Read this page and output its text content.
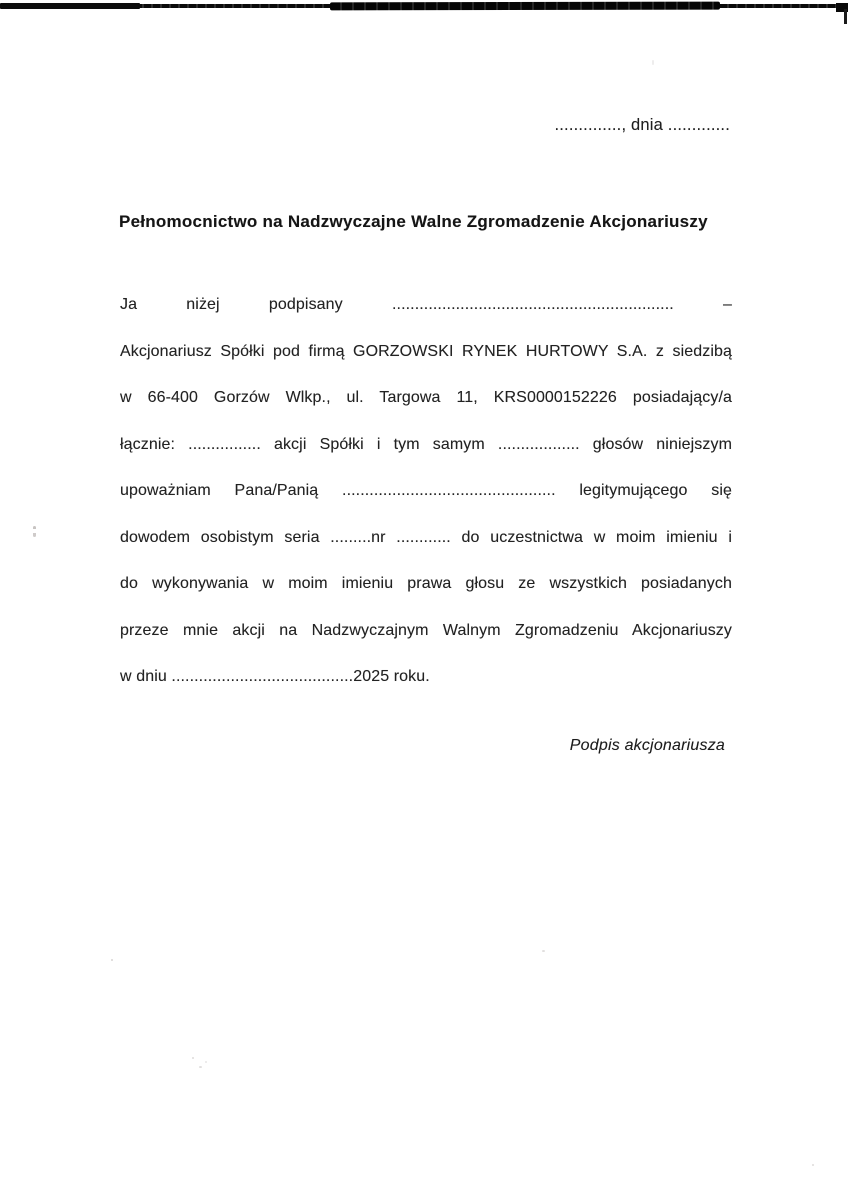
.............., dnia .............
Pełnomocnictwo na Nadzwyczajne Walne Zgromadzenie Akcjonariuszy
Ja niżej podpisany .............................................................. –
Akcjonariusz Spółki pod firmą GORZOWSKI RYNEK HURTOWY S.A. z siedzibą
w 66-400 Gorzów Wlkp., ul. Targowa 11, KRS0000152226 posiadający/a
łącznie: ................ akcji Spółki i tym samym .................. głosów niniejszym
upoważniam Pana/Panią ............................................... legitymującego się
dowodem osobistym seria .........nr ............ do uczestnictwa w moim imieniu i
do wykonywania w moim imieniu prawa głosu ze wszystkich posiadanych
przeze mnie akcji na Nadzwyczajnym Walnym Zgromadzeniu Akcjonariuszy
w dniu ........................................2025 roku.
Podpis akcjonariusza
